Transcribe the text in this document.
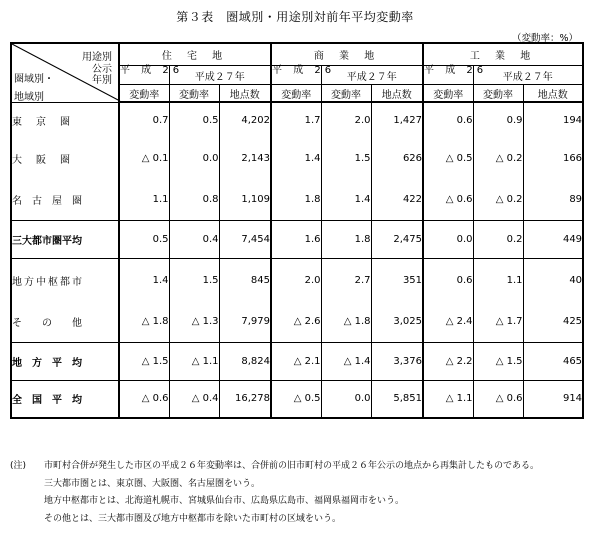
第３表　圏域別・用途別対前年平均変動率
（変動率：%）
用途別
圏域別・
公示
年別
地域別	住 宅 地			商 業 地			工 業 地		
	平 成 26	平成２７年		平 成 26	平成２７年		平 成 26	平成２７年	
	変動率	変動率	地点数	変動率	変動率	地点数	変動率	変動率	地点数
東　京　圏	0.7	0.5	4,202	1.7	2.0	1,427	0.6	0.9	194
大　阪　圏	△ 0.1	0.0	2,143	1.4	1.5	626	△ 0.5	△ 0.2	166
名　古　屋　圏	1.1	0.8	1,109	1.8	1.4	422	△ 0.6	△ 0.2	89
三大都市圏平均	0.5	0.4	7,454	1.6	1.8	2,475	0.0	0.2	449
地方中枢都市	1.4	1.5	845	2.0	2.7	351	0.6	1.1	40
そ　　の　　他	△ 1.8	△ 1.3	7,979	△ 2.6	△ 1.8	3,025	△ 2.4	△ 1.7	425
地　方　平　均	△ 1.5	△ 1.1	8,824	△ 2.1	△ 1.4	3,376	△ 2.2	△ 1.5	465
全　国　平　均	△ 0.6	△ 0.4	16,278	△ 0.5	0.0	5,851	△ 1.1	△ 0.6	914
(注)	市町村合併が発生した市区の平成２６年変動率は、合併前の旧市町村の平成２６年公示の地点から再集計したものである。
三大都市圏とは、東京圏、大阪圏、名古屋圏をいう。
地方中枢都市とは、北海道札幌市、宮城県仙台市、広島県広島市、福岡県福岡市をいう。
その他とは、三大都市圏及び地方中枢都市を除いた市町村の区域をいう。
